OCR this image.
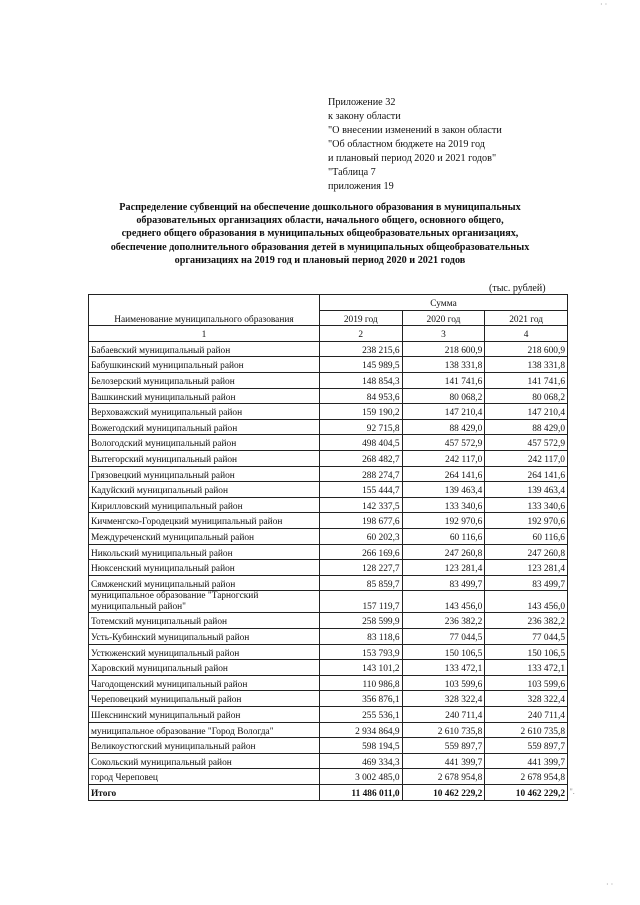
Приложение 32
к закону области
"О внесении изменений в закон области
"Об областном бюджете на 2019 год
и плановый период 2020 и 2021 годов"
"Таблица 7
приложения 19
Распределение субвенций на обеспечение дошкольного образования в муниципальных
образовательных организациях области, начального общего, основного общего,
среднего общего образования в муниципальных общеобразовательных организациях,
обеспечение дополнительного образования детей в муниципальных общеобразовательных
организациях на 2019 год и плановый период 2020 и 2021 годов
(тыс. рублей)
Наименование муниципального образования	Сумма		
	2019 год	2020 год	2021 год
1	2	3	4
Бабаевский муниципальный район	238 215,6	218 600,9	218 600,9
Бабушкинский муниципальный район	145 989,5	138 331,8	138 331,8
Белозерский муниципальный район	148 854,3	141 741,6	141 741,6
Вашкинский муниципальный район	84 953,6	80 068,2	80 068,2
Верховажский муниципальный район	159 190,2	147 210,4	147 210,4
Вожегодский муниципальный район	92 715,8	88 429,0	88 429,0
Вологодский муниципальный район	498 404,5	457 572,9	457 572,9
Вытегорский муниципальный район	268 482,7	242 117,0	242 117,0
Грязовецкий муниципальный район	288 274,7	264 141,6	264 141,6
Кадуйский муниципальный район	155 444,7	139 463,4	139 463,4
Кирилловский муниципальный район	142 337,5	133 340,6	133 340,6
Кичменгско-Городецкий муниципальный район	198 677,6	192 970,6	192 970,6
Междуреченский муниципальный район	60 202,3	60 116,6	60 116,6
Никольский муниципальный район	266 169,6	247 260,8	247 260,8
Нюксенский муниципальный район	128 227,7	123 281,4	123 281,4
Сямженский муниципальный район	85 859,7	83 499,7	83 499,7
муниципальное образование "Тарногский муниципальный район"	157 119,7	143 456,0	143 456,0
Тотемский муниципальный район	258 599,9	236 382,2	236 382,2
Усть-Кубинский муниципальный район	83 118,6	77 044,5	77 044,5
Устюженский муниципальный район	153 793,9	150 106,5	150 106,5
Харовский муниципальный район	143 101,2	133 472,1	133 472,1
Чагодощенский муниципальный район	110 986,8	103 599,6	103 599,6
Череповецкий муниципальный район	356 876,1	328 322,4	328 322,4
Шекснинский муниципальный район	255 536,1	240 711,4	240 711,4
муниципальное образование "Город Вологда"	2 934 864,9	2 610 735,8	2 610 735,8
Великоустюгский муниципальный район	598 194,5	559 897,7	559 897,7
Сокольский муниципальный район	469 334,3	441 399,7	441 399,7
город Череповец	3 002 485,0	2 678 954,8	2 678 954,8
Итого	11 486 011,0	10 462 229,2	10 462 229,2 ".
· ·
· ·
